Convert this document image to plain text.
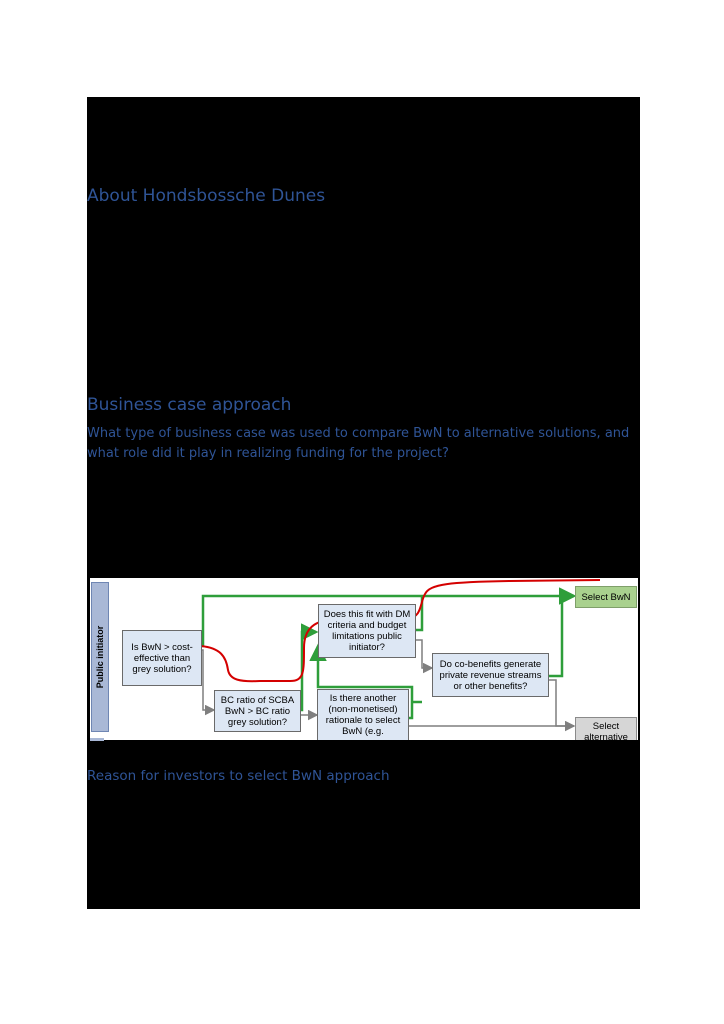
About Hondsbossche Dunes
Business case approach

What type of business case was used to compare BwN to alternative solutions, and what role did it play in realizing funding for the project?

Public initiator	Is BwN > cost-effective than grey solution?
BC ratio of SCBA BwN > BC ratio grey solution?
Does this fit with DM criteria and budget limitations public initiator?
Is there another (non-monetised) rationale to select BwN (e.g.
Do co-benefits generate private revenue streams or other benefits?
Select BwN
Select alternative
Reason for investors to select BwN approach
